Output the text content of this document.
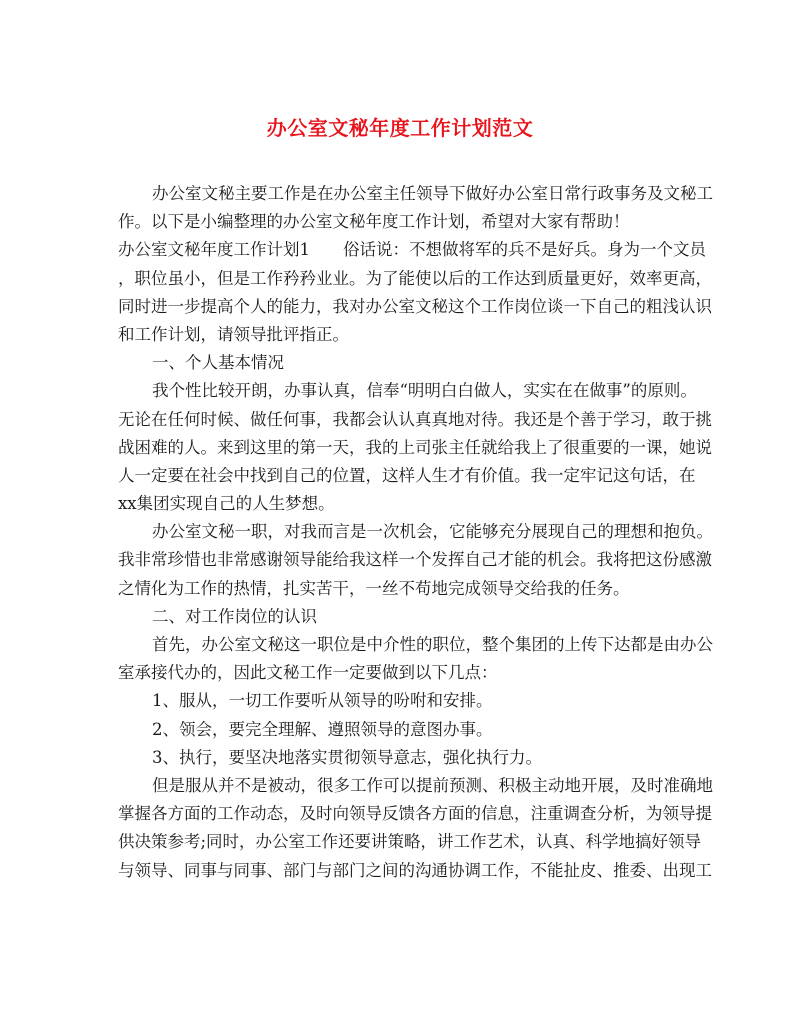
办公室文秘年度工作计划范文
办公室文秘主要工作是在办公室主任领导下做好办公室日常行政事务及文秘工
作。以下是小编整理的办公室文秘年度工作计划，希望对大家有帮助！
办公室文秘年度工作计划1　　俗话说：不想做将军的兵不是好兵。身为一个文员
，职位虽小，但是工作矜矜业业。为了能使以后的工作达到质量更好，效率更高，
同时进一步提高个人的能力，我对办公室文秘这个工作岗位谈一下自己的粗浅认识
和工作计划，请领导批评指正。
一、个人基本情况
我个性比较开朗，办事认真，信奉“明明白白做人，实实在在做事”的原则。
无论在任何时候、做任何事，我都会认认真真地对待。我还是个善于学习，敢于挑
战困难的人。来到这里的第一天，我的上司张主任就给我上了很重要的一课，她说
人一定要在社会中找到自己的位置，这样人生才有价值。我一定牢记这句话，在
xx集团实现自己的人生梦想。
办公室文秘一职，对我而言是一次机会，它能够充分展现自己的理想和抱负。
我非常珍惜也非常感谢领导能给我这样一个发挥自己才能的机会。我将把这份感激
之情化为工作的热情，扎实苦干，一丝不苟地完成领导交给我的任务。
二、对工作岗位的认识
首先，办公室文秘这一职位是中介性的职位，整个集团的上传下达都是由办公
室承接代办的，因此文秘工作一定要做到以下几点：
1、服从，一切工作要听从领导的吩咐和安排。
2、领会，要完全理解、遵照领导的意图办事。
3、执行，要坚决地落实贯彻领导意志，强化执行力。
但是服从并不是被动，很多工作可以提前预测、积极主动地开展，及时准确地
掌握各方面的工作动态，及时向领导反馈各方面的信息，注重调查分析，为领导提
供决策参考;同时，办公室工作还要讲策略，讲工作艺术，认真、科学地搞好领导
与领导、同事与同事、部门与部门之间的沟通协调工作，不能扯皮、推委、出现工
